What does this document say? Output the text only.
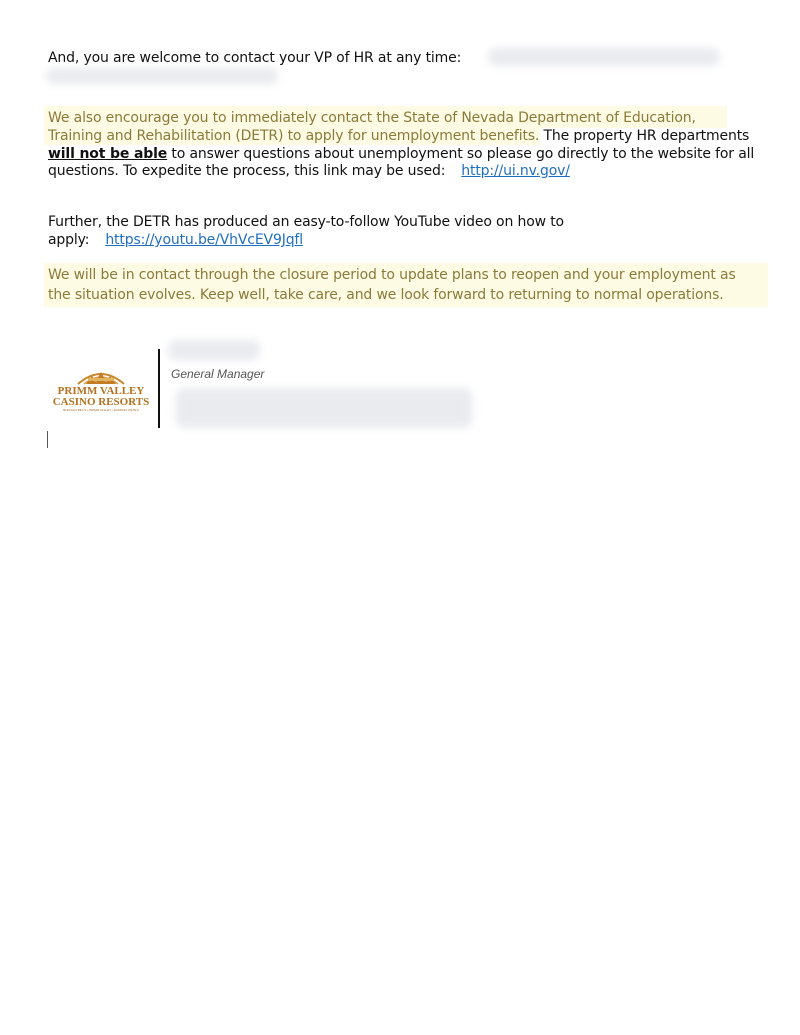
And, you are welcome to contact your VP of HR at any time:
We also encourage you to immediately contact the State of Nevada Department of Education,
Training and Rehabilitation (DETR) to apply for unemployment benefits. The property HR departments
will not be able to answer questions about unemployment so please go directly to the website for all
questions. To expedite the process, this link may be used: http://ui.nv.gov/
Further, the DETR has produced an easy-to-follow YouTube video on how to
apply: https://youtu.be/VhVcEV9Jqfl
We will be in contact through the closure period to update plans to reopen and your employment as
the situation evolves. Keep well, take care, and we look forward to returning to normal operations.
PRIMM VALLEY
CASINO RESORTS
BUFFALO BILL'S • PRIMM VALLEY • WHISKEY PETE'S
General Manager
